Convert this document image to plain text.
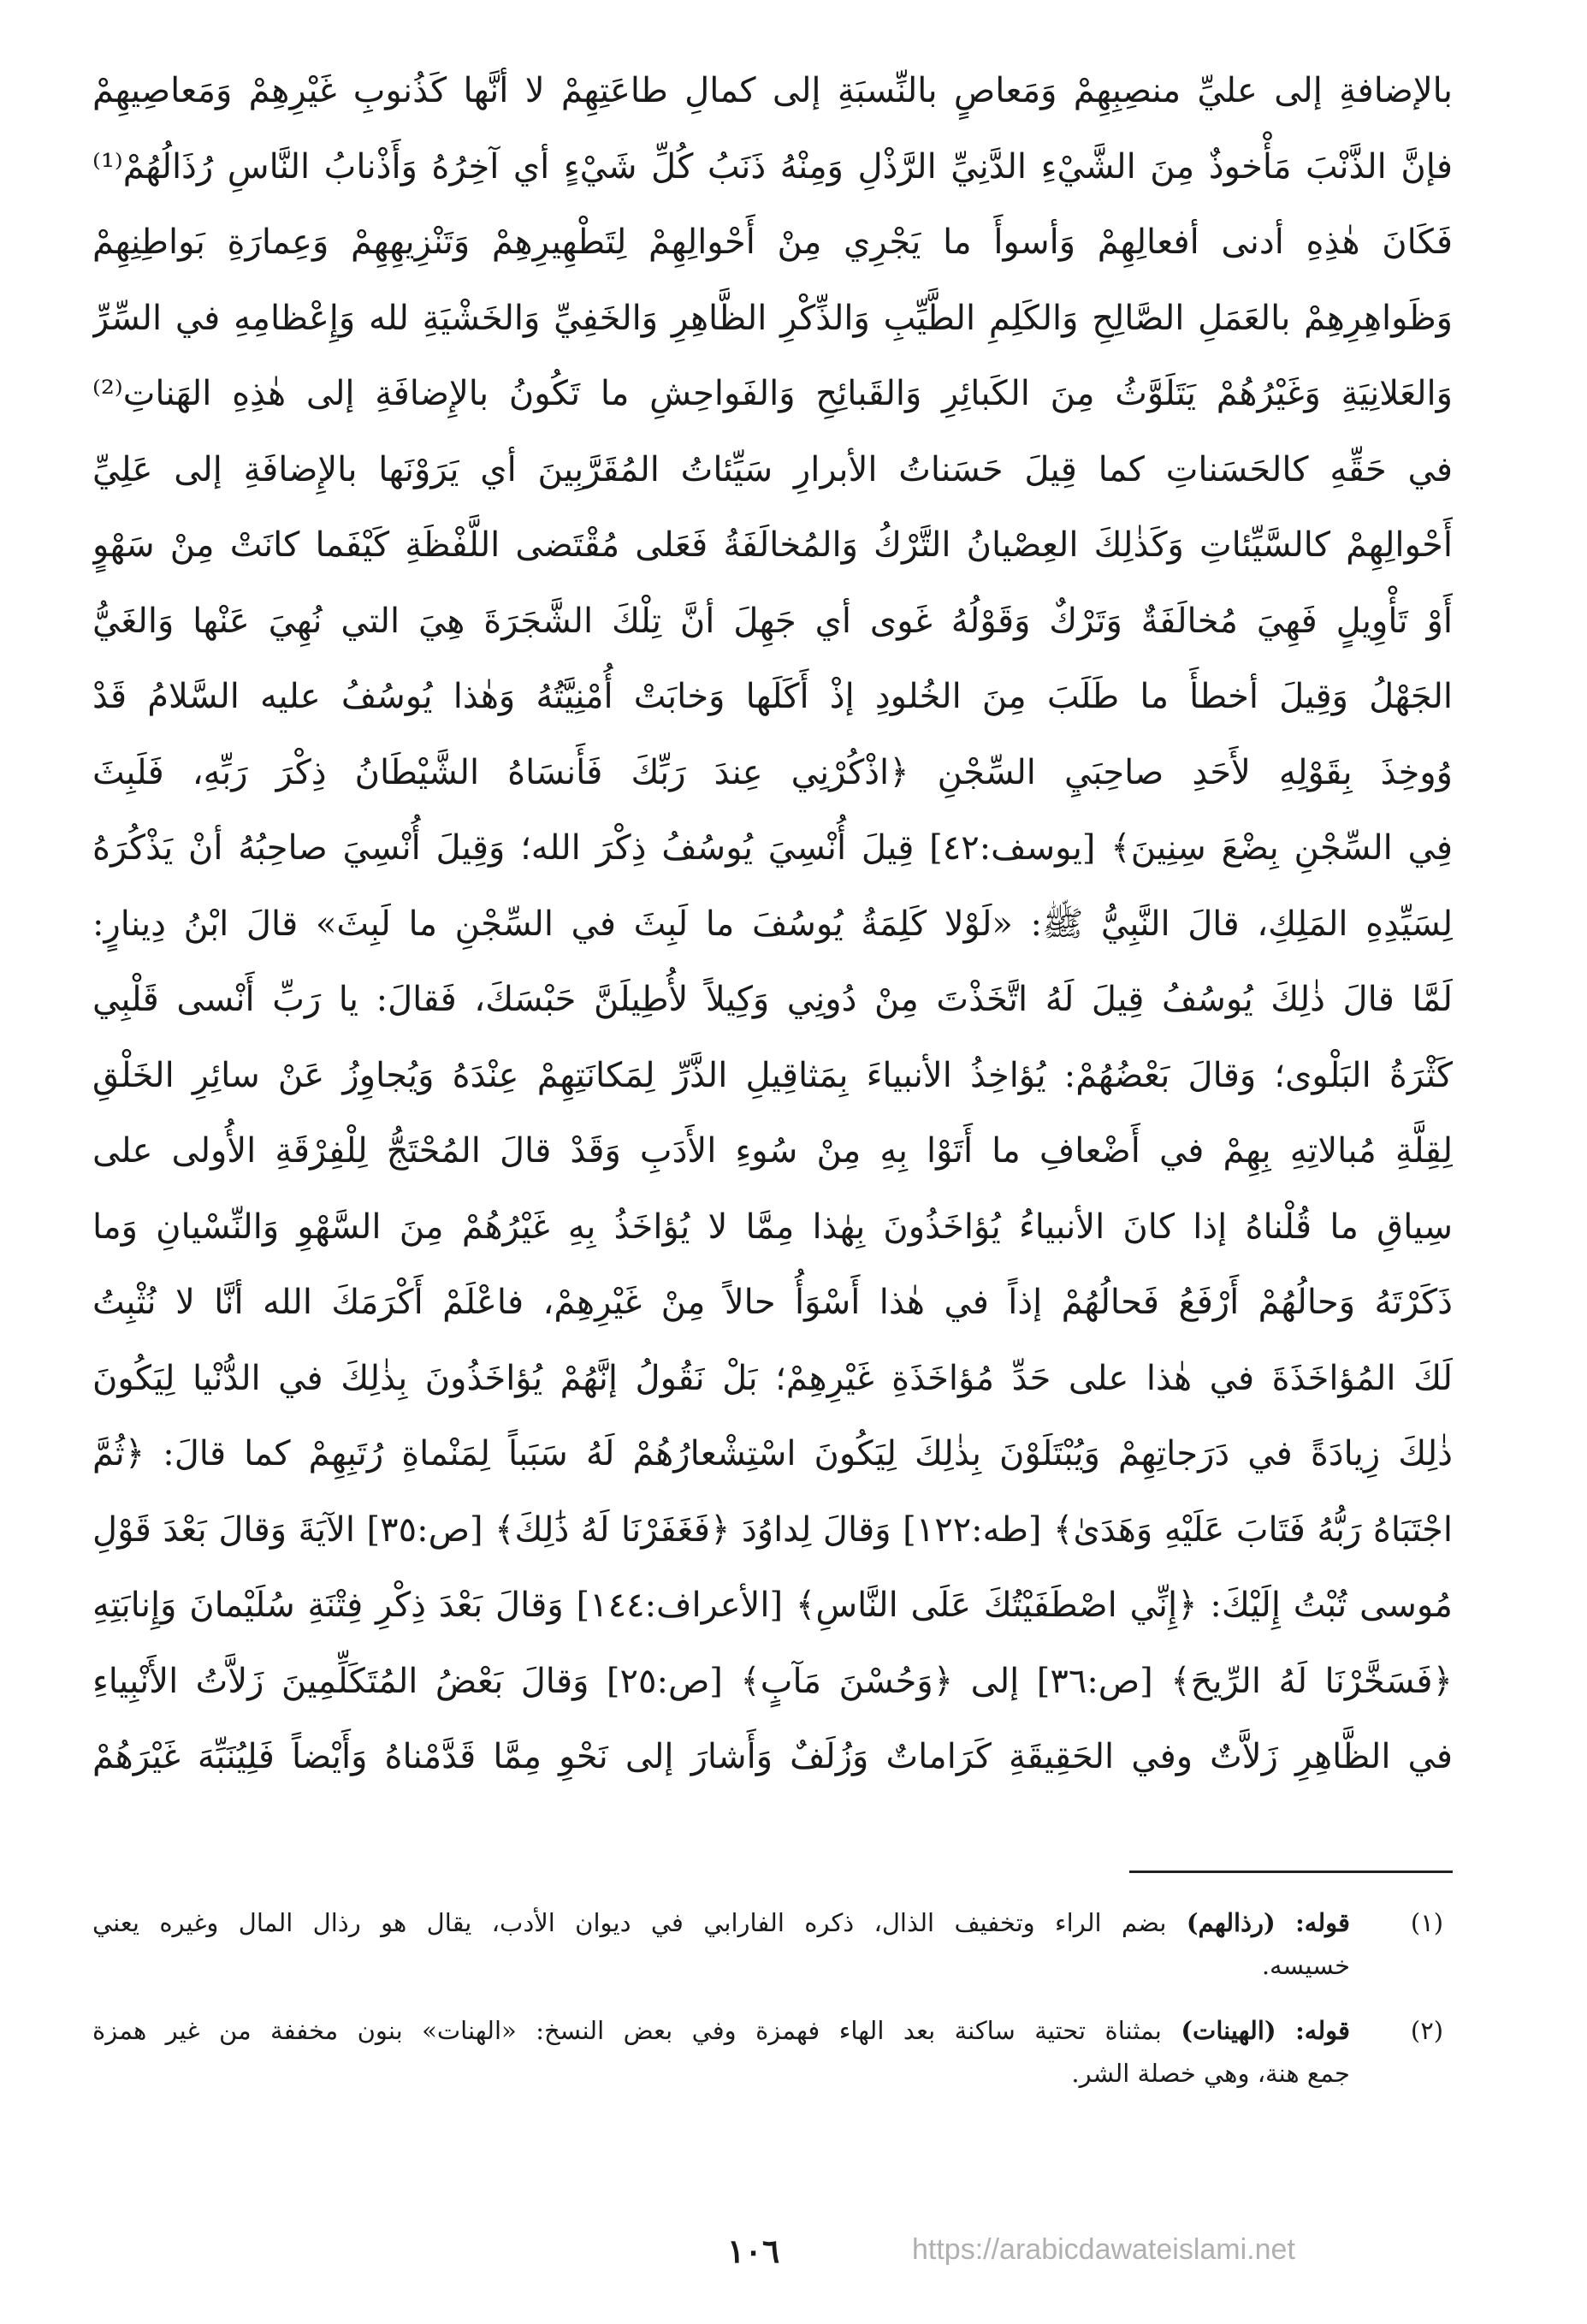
بالإضافةِ إلى عليِّ منصِبِهِمْ وَمَعاصٍ بالنِّسبَةِ إلى كمالِ طاعَتِهِمْ لا أنَّها كَذُنوبِ غَيْرِهِمْ وَمَعاصِيهِمْ
فإنَّ الذَّنْبَ مَأْخوذٌ مِنَ الشَّيْءِ الدَّنِيِّ الرَّذْلِ وَمِنْهُ ذَنَبُ كُلِّ شَيْءٍ أي آخِرُهُ وَأَذْنابُ النَّاسِ رُذَالُهُمْ⁽¹⁾
فَكَانَ هٰذِهِ أدنى أفعالِهِمْ وَأسوأَ ما يَجْرِي مِنْ أَحْوالِهِمْ لِتَطْهِيرِهِمْ وَتَنْزِيهِهِمْ وَعِمارَةِ بَواطِنِهِمْ
وَظَواهِرِهِمْ بالعَمَلِ الصَّالِحِ وَالكَلِمِ الطَّيِّبِ وَالذِّكْرِ الظَّاهِرِ وَالخَفِيِّ وَالخَشْيَةِ لله وَإِعْظامِهِ في السِّرِّ
وَالعَلانِيَةِ وَغَيْرُهُمْ يَتَلَوَّثُ مِنَ الكَبائِرِ وَالقَبائِحِ وَالفَواحِشِ ما تَكُونُ بالإِضافَةِ إلى هٰذِهِ الهَناتِ⁽²⁾
في حَقِّهِ كالحَسَناتِ كما قِيلَ حَسَناتُ الأبرارِ سَيِّئاتُ المُقَرَّبِينَ أي يَرَوْنَها بالإِضافَةِ إلى عَلِيِّ
أَحْوالِهِمْ كالسَّيِّئاتِ وَكَذٰلِكَ العِصْيانُ التَّرْكُ وَالمُخالَفَةُ فَعَلى مُقْتَضى اللَّفْظَةِ كَيْفَما كانَتْ مِنْ سَهْوٍ
أَوْ تَأْوِيلٍ فَهِيَ مُخالَفَةٌ وَتَرْكٌ وَقَوْلُهُ غَوى أي جَهِلَ أنَّ تِلْكَ الشَّجَرَةَ هِيَ التي نُهِيَ عَنْها وَالغَيُّ
الجَهْلُ وَقِيلَ أخطأَ ما طَلَبَ مِنَ الخُلودِ إذْ أَكَلَها وَخابَتْ أُمْنِيَّتُهُ وَهٰذا يُوسُفُ عليه السَّلامُ قَدْ
وُوخِذَ بِقَوْلِهِ لأَحَدِ صاحِبَيِ السِّجْنِ ﴿اذْكُرْنِي عِندَ رَبِّكَ فَأَنسَاهُ الشَّيْطَانُ ذِكْرَ رَبِّهِ، فَلَبِثَ
فِي السِّجْنِ بِضْعَ سِنِينَ﴾ [يوسف:٤٢] قِيلَ أُنْسِيَ يُوسُفُ ذِكْرَ الله؛ وَقِيلَ أُنْسِيَ صاحِبُهُ أنْ يَذْكُرَهُ
لِسَيِّدِهِ المَلِكِ، قالَ النَّبِيُّ ﷺ: «لَوْلا كَلِمَةُ يُوسُفَ ما لَبِثَ في السِّجْنِ ما لَبِثَ» قالَ ابْنُ دِينارٍ:
لَمَّا قالَ ذٰلِكَ يُوسُفُ قِيلَ لَهُ اتَّخَذْتَ مِنْ دُونِي وَكِيلاً لأُطِيلَنَّ حَبْسَكَ، فَقالَ: يا رَبِّ أَنْسى قَلْبِي
كَثْرَةُ البَلْوى؛ وَقالَ بَعْضُهُمْ: يُؤاخِذُ الأنبياءَ بِمَثاقِيلِ الذَّرِّ لِمَكانَتِهِمْ عِنْدَهُ وَيُجاوِزُ عَنْ سائِرِ الخَلْقِ
لِقِلَّةِ مُبالاتِهِ بِهِمْ في أَضْعافِ ما أَتَوْا بِهِ مِنْ سُوءِ الأَدَبِ وَقَدْ قالَ المُحْتَجُّ لِلْفِرْقَةِ الأُولى على
سِياقِ ما قُلْناهُ إذا كانَ الأنبياءُ يُؤاخَذُونَ بِهٰذا مِمَّا لا يُؤاخَذُ بِهِ غَيْرُهُمْ مِنَ السَّهْوِ وَالنِّسْيانِ وَما
ذَكَرْتَهُ وَحالُهُمْ أَرْفَعُ فَحالُهُمْ إذاً في هٰذا أَسْوَأُ حالاً مِنْ غَيْرِهِمْ، فاعْلَمْ أَكْرَمَكَ الله أنَّا لا نُثْبِتُ
لَكَ المُؤاخَذَةَ في هٰذا على حَدِّ مُؤاخَذَةِ غَيْرِهِمْ؛ بَلْ نَقُولُ إنَّهُمْ يُؤاخَذُونَ بِذٰلِكَ في الدُّنْيا لِيَكُونَ
ذٰلِكَ زِيادَةً في دَرَجاتِهِمْ وَيُبْتَلَوْنَ بِذٰلِكَ لِيَكُونَ اسْتِشْعارُهُمْ لَهُ سَبَباً لِمَنْماةِ رُتَبِهِمْ كما قالَ: ﴿ثُمَّ
اجْتَبَاهُ رَبُّهُ فَتَابَ عَلَيْهِ وَهَدَىٰ﴾ [طه:١٢٢] وَقالَ لِداوُدَ ﴿فَغَفَرْنَا لَهُ ذَٰلِكَ﴾ [ص:٣٥] الآيَةَ وَقالَ بَعْدَ قَوْلِ
مُوسى تُبْتُ إِلَيْكَ: ﴿إِنِّي اصْطَفَيْتُكَ عَلَى النَّاسِ﴾ [الأعراف:١٤٤] وَقالَ بَعْدَ ذِكْرِ فِتْنَةِ سُلَيْمانَ وَإِنابَتِهِ
﴿فَسَخَّرْنَا لَهُ الرِّيحَ﴾ [ص:٣٦] إلى ﴿وَحُسْنَ مَآبٍ﴾ [ص:٢٥] وَقالَ بَعْضُ المُتَكَلِّمِينَ زَلاَّتُ الأَنْبِياءِ
في الظَّاهِرِ زَلاَّتٌ وفي الحَقِيقَةِ كَرَاماتٌ وَزُلَفٌ وَأَشارَ إلى نَحْوِ مِمَّا قَدَّمْناهُ وَأَيْضاً فَلِيُنَبِّهَ غَيْرَهُمْ
(١)
قوله: (رذالهم) بضم الراء وتخفيف الذال، ذكره الفارابي في ديوان الأدب، يقال هو رذال المال وغيره يعني
خسيسه.
(٢)
قوله: (الهينات) بمثناة تحتية ساكنة بعد الهاء فهمزة وفي بعض النسخ: «الهنات» بنون مخففة من غير همزة
جمع هنة، وهي خصلة الشر.
١٠٦	https://arabicdawateislami.net
